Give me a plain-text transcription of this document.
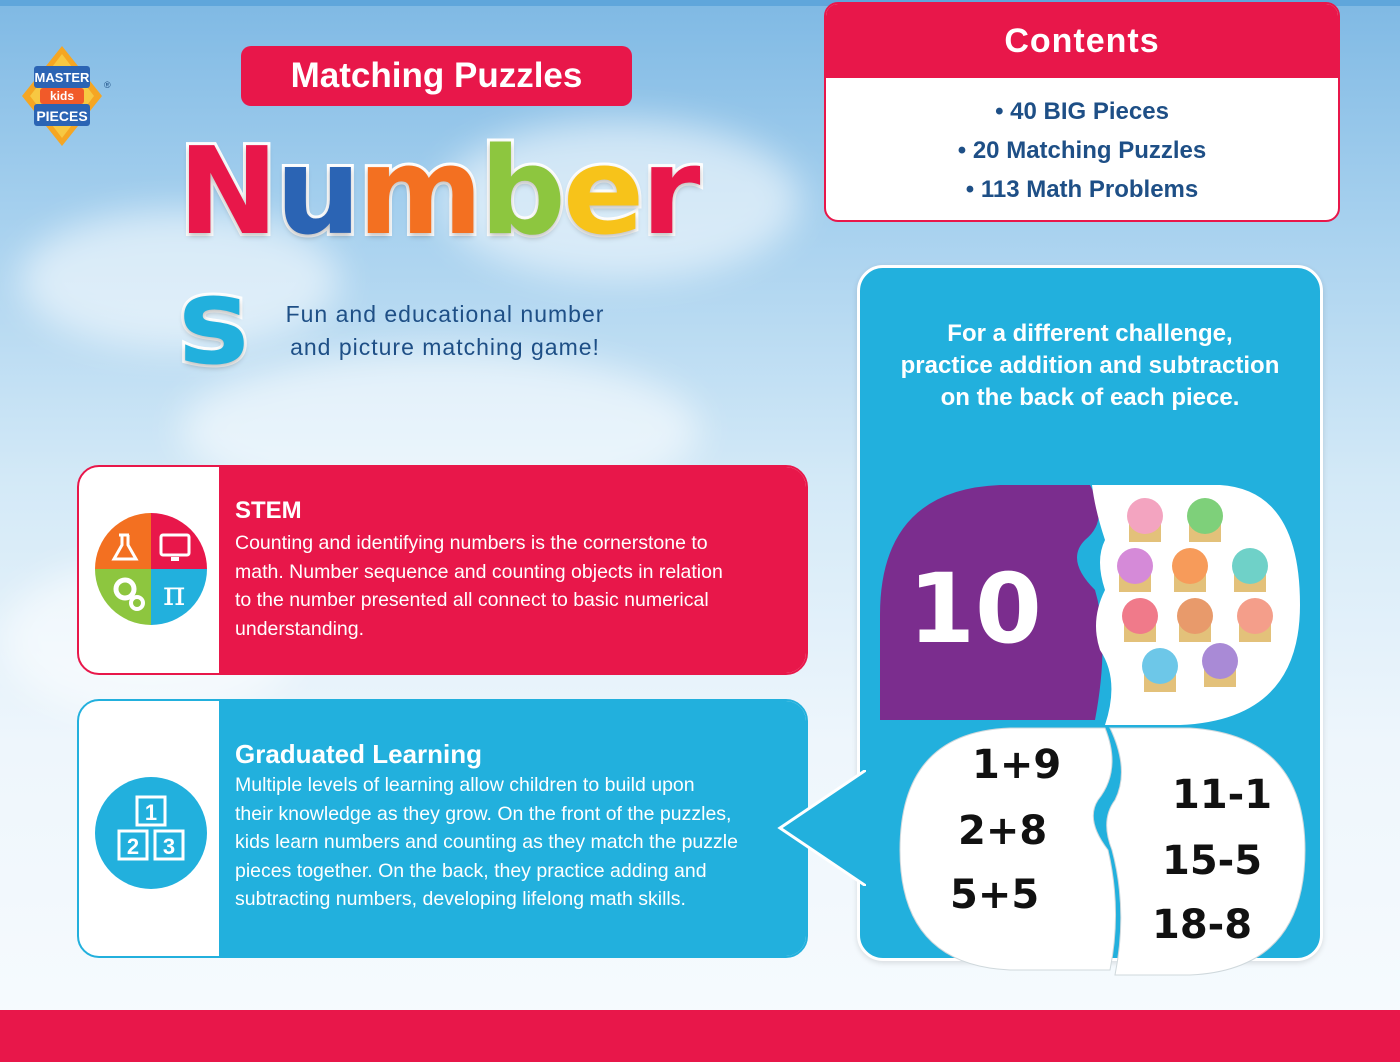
MASTER
kids
PIECES
®	Matching Puzzles
Numbers	Fun and educational number
and picture matching game!
Contents
• 40 BIG Pieces
• 20 Matching Puzzles
• 113 Math Problems
π
STEM
Counting and identifying numbers is the cornerstone to
math. Number sequence and counting objects in relation
to the number presented all connect to basic numerical
understanding.
1
2 3
Graduated Learning
Multiple levels of learning allow children to build upon
their knowledge as they grow. On the front of the puzzles,
kids learn numbers and counting as they match the puzzle
pieces together. On the back, they practice adding and
subtracting numbers, developing lifelong math skills.
For a different challenge,
practice addition and subtraction
on the back of each piece.
10
1+9
2+8
5+5
11-1
15-5
18-8
